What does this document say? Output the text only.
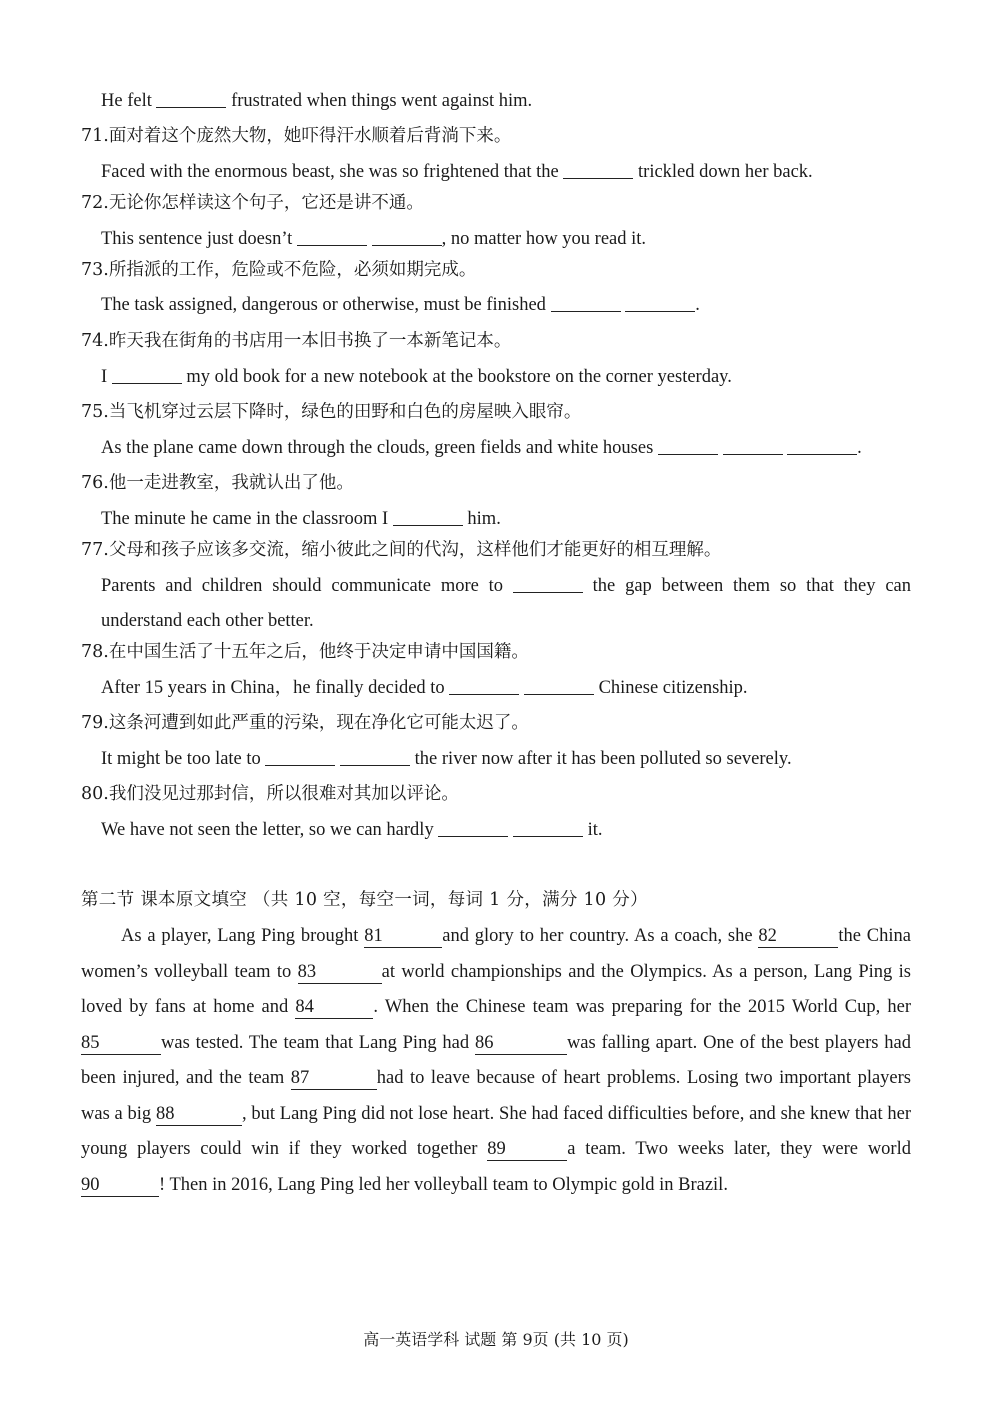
He felt	frustrated when things went against him.
71.面对着这个庞然大物，她吓得汗水顺着后背淌下来。
Faced with the enormous beast, she was so frightened that the	trickled down her back.
72.无论你怎样读这个句子，它还是讲不通。
This sentence just doesn’t	, no matter how you read it.
73.所指派的工作，危险或不危险，必须如期完成。
The task assigned, dangerous or otherwise, must be finished	.
74.昨天我在街角的书店用一本旧书换了一本新笔记本。
I	my old book for a new notebook at the bookstore on the corner yesterday.
75.当飞机穿过云层下降时，绿色的田野和白色的房屋映入眼帘。
As the plane came down through the clouds, green fields and white houses	.
76.他一走进教室，我就认出了他。
The minute he came in the classroom I	him.
77.父母和孩子应该多交流，缩小彼此之间的代沟，这样他们才能更好的相互理解。
Parents and children should communicate more to	the gap between them so that they can
understand each other better.
78.在中国生活了十五年之后，他终于决定申请中国国籍。
After 15 years in China，he finally decided to	Chinese citizenship.
79.这条河遭到如此严重的污染，现在净化它可能太迟了。
It might be too late to	the river now after it has been polluted so severely.
80.我们没见过那封信，所以很难对其加以评论。
We have not seen the letter, so we can hardly	it.
第二节 课本原文填空 （共 10 空，每空一词，每词 1 分，满分 10 分）
As a player, Lang Ping brought 81	and glory to her country. As a coach, she 82	the China women’s volleyball team to 83	at world championships and the Olympics. As a person, Lang Ping is loved by fans at home and 84	. When the Chinese team was preparing for the 2015 World Cup, her 85	was tested. The team that Lang Ping had 86	was falling apart. One of the best players had been injured, and the team 87	had to leave because of heart problems. Losing two important players was a big 88	, but Lang Ping did not lose heart. She had faced difficulties before, and she knew that her young players could win if they worked together 89	a team. Two weeks later, they were world 90	! Then in 2016, Lang Ping led her volleyball team to Olympic gold in Brazil.
高一英语学科 试题 第 9页 (共 10 页)
